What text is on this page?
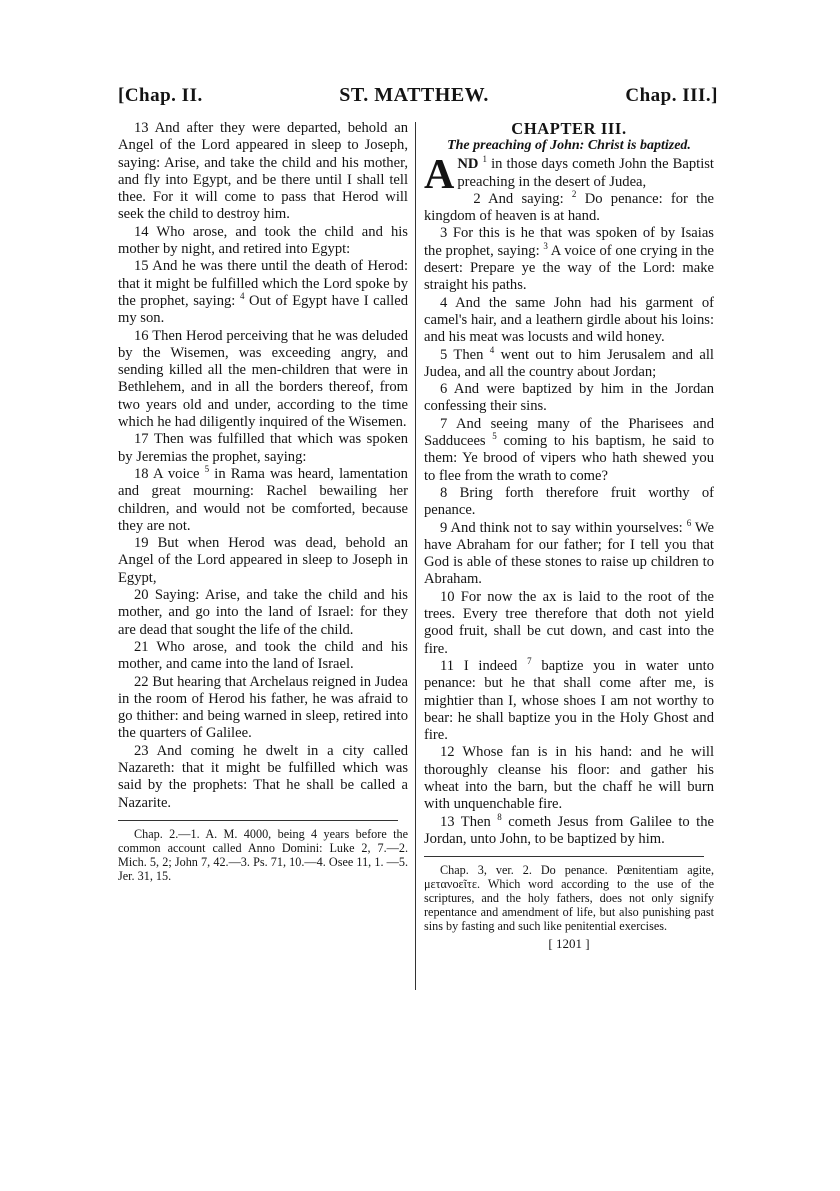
[Chap. II.	ST. MATTHEW.	Chap. III.]

13 And after they were departed, behold an Angel of the Lord appeared in sleep to Joseph, saying: Arise, and take the child and his mother, and fly into Egypt, and be there until I shall tell thee. For it will come to pass that Herod will seek the child to destroy him.

14 Who arose, and took the child and his mother by night, and retired into Egypt:

15 And he was there until the death of Herod: that it might be fulfilled which the Lord spoke by the prophet, saying: $^4$ Out of Egypt have I called my son.

16 Then Herod perceiving that he was deluded by the Wisemen, was exceeding angry, and sending killed all the men-children that were in Bethlehem, and in all the borders thereof, from two years old and under, according to the time which he had diligently inquired of the Wisemen.

17 Then was fulfilled that which was spoken by Jeremias the prophet, saying:

18 A voice $^5$ in Rama was heard, lamentation and great mourning: Rachel bewailing her children, and would not be comforted, because they are not.

19 But when Herod was dead, behold an Angel of the Lord appeared in sleep to Joseph in Egypt,

20 Saying: Arise, and take the child and his mother, and go into the land of Israel: for they are dead that sought the life of the child.

21 Who arose, and took the child and his mother, and came into the land of Israel.

22 But hearing that Archelaus reigned in Judea in the room of Herod his father, he was afraid to go thither: and being warned in sleep, retired into the quarters of Galilee.

23 And coming he dwelt in a city called Nazareth: that it might be fulfilled which was said by the prophets: That he shall be called a Nazarite.

Chap. 2.—1. A. M. 4000, being 4 years before the common account called Anno Domini: Luke 2, 7.—2. Mich. 5, 2; John 7, 42.—3. Ps. 71, 10.—4. Osee 11, 1. —5. Jer. 31, 15.

CHAPTER III.

The preaching of John: Christ is baptized.

AND $^1$ in those days cometh John the Baptist preaching in the desert of Judea,

2 And saying: $^2$ Do penance: for the kingdom of heaven is at hand.

3 For this is he that was spoken of by Isaias the prophet, saying: $^3$ A voice of one crying in the desert: Prepare ye the way of the Lord: make straight his paths.

4 And the same John had his garment of camel's hair, and a leathern girdle about his loins: and his meat was locusts and wild honey.

5 Then $^4$ went out to him Jerusalem and all Judea, and all the country about Jordan;

6 And were baptized by him in the Jordan confessing their sins.

7 And seeing many of the Pharisees and Sadducees $^5$ coming to his baptism, he said to them: Ye brood of vipers who hath shewed you to flee from the wrath to come?

8 Bring forth therefore fruit worthy of penance.

9 And think not to say within yourselves: $^6$ We have Abraham for our father; for I tell you that God is able of these stones to raise up children to Abraham.

10 For now the ax is laid to the root of the trees. Every tree therefore that doth not yield good fruit, shall be cut down, and cast into the fire.

11 I indeed $^7$ baptize you in water unto penance: but he that shall come after me, is mightier than I, whose shoes I am not worthy to bear: he shall baptize you in the Holy Ghost and fire.

12 Whose fan is in his hand: and he will thoroughly cleanse his floor: and gather his wheat into the barn, but the chaff he will burn with unquenchable fire.

13 Then $^8$ cometh Jesus from Galilee to the Jordan, unto John, to be baptized by him.

Chap. 3, ver. 2. Do penance. Pœnitentiam agite, μετανοεῖτε. Which word according to the use of the scriptures, and the holy fathers, does not only signify repentance and amendment of life, but also punishing past sins by fasting and such like penitential exercises.

[ 1201 ]
